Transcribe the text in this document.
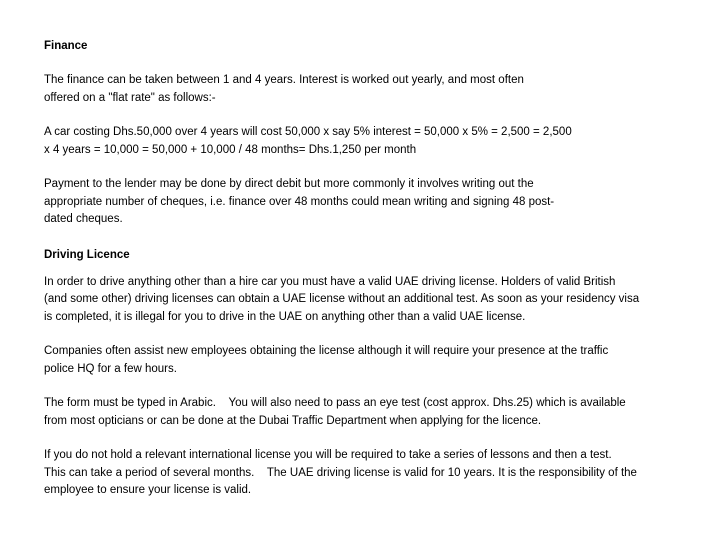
Finance

The finance can be taken between 1 and 4 years. Interest is worked out yearly, and most often
offered on a "flat rate" as follows:-

A car costing Dhs.50,000 over 4 years will cost 50,000 x say 5% interest = 50,000 x 5% = 2,500 = 2,500
x 4 years = 10,000 = 50,000 + 10,000 / 48 months= Dhs.1,250 per month

Payment to the lender may be done by direct debit but more commonly it involves writing out the
appropriate number of cheques, i.e. finance over 48 months could mean writing and signing 48 post-
dated cheques.

Driving Licence

In order to drive anything other than a hire car you must have a valid UAE driving license. Holders of valid British
(and some other) driving licenses can obtain a UAE license without an additional test. As soon as your residency visa
is completed, it is illegal for you to drive in the UAE on anything other than a valid UAE license.

Companies often assist new employees obtaining the license although it will require your presence at the traffic
police HQ for a few hours.

The form must be typed in Arabic.    You will also need to pass an eye test (cost approx. Dhs.25) which is available
from most opticians or can be done at the Dubai Traffic Department when applying for the licence.

If you do not hold a relevant international license you will be required to take a series of lessons and then a test.
This can take a period of several months.    The UAE driving license is valid for 10 years. It is the responsibility of the
employee to ensure your license is valid.
